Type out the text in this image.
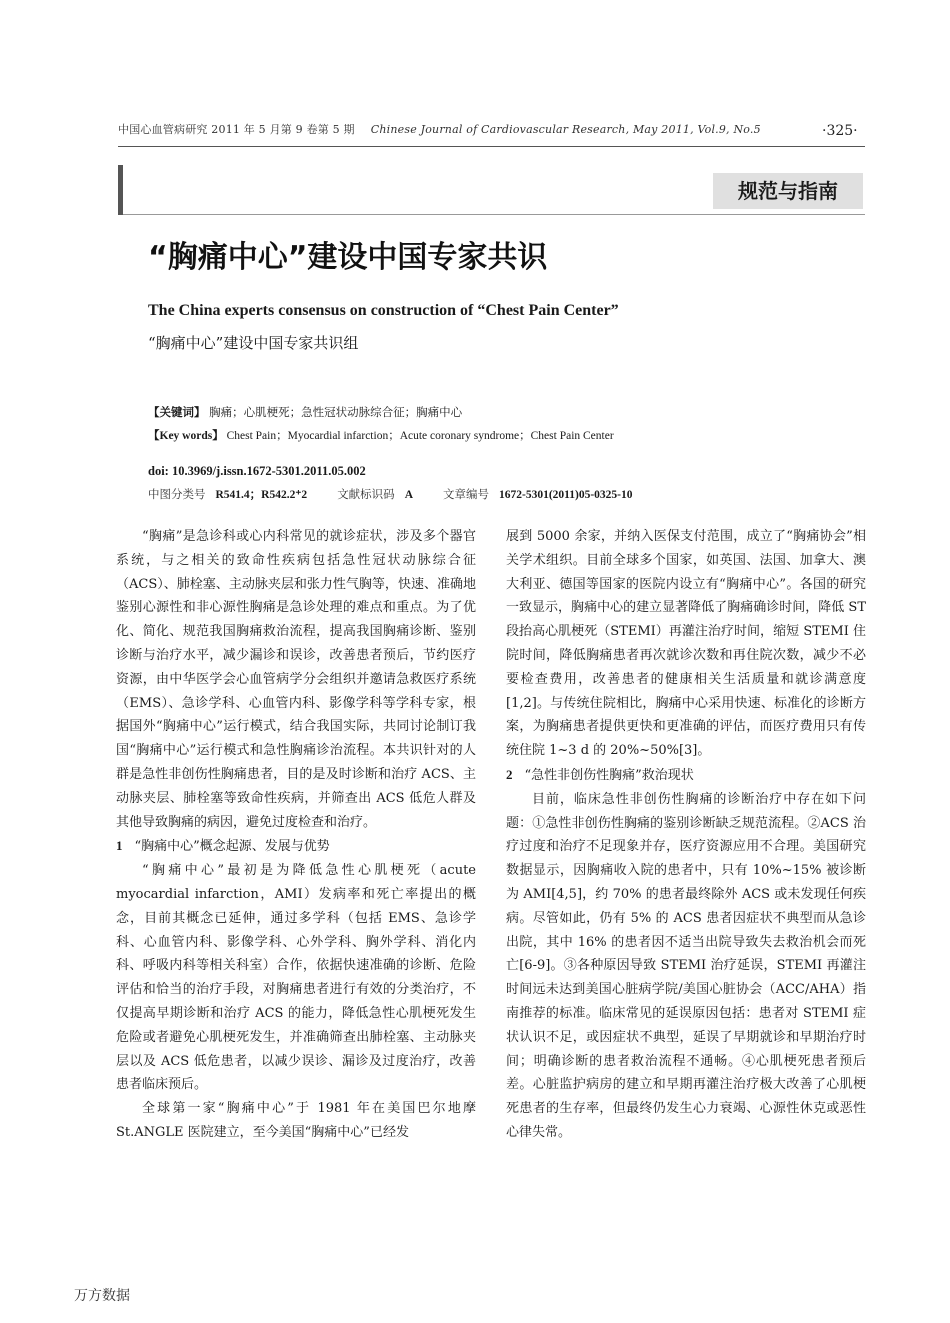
中国心血管病研究 2011 年 5 月第 9 卷第 5 期 Chinese Journal of Cardiovascular Research, May 2011, Vol.9, No.5	·325·
规范与指南
“胸痛中心”建设中国专家共识
The China experts consensus on construction of “Chest Pain Center”
“胸痛中心”建设中国专家共识组
【关键词】 胸痛；心肌梗死；急性冠状动脉综合征；胸痛中心
【Key words】 Chest Pain；Myocardial infarction；Acute coronary syndrome；Chest Pain Center
doi: 10.3969/j.issn.1672-5301.2011.05.002
中图分类号 R541.4；R542.2⁺2	文献标识码 A	文章编号 1672-5301(2011)05-0325-10

“胸痛”是急诊科或心内科常见的就诊症状，涉及多个器官系统，与之相关的致命性疾病包括急性冠状动脉综合征（ACS）、肺栓塞、主动脉夹层和张力性气胸等，快速、准确地鉴别心源性和非心源性胸痛是急诊处理的难点和重点。为了优化、简化、规范我国胸痛救治流程，提高我国胸痛诊断、鉴别诊断与治疗水平，减少漏诊和误诊，改善患者预后，节约医疗资源，由中华医学会心血管病学分会组织并邀请急救医疗系统（EMS）、急诊学科、心血管内科、影像学科等学科专家，根据国外“胸痛中心”运行模式，结合我国实际，共同讨论制订我国“胸痛中心”运行模式和急性胸痛诊治流程。本共识针对的人群是急性非创伤性胸痛患者，目的是及时诊断和治疗 ACS、主动脉夹层、肺栓塞等致命性疾病，并筛查出 ACS 低危人群及其他导致胸痛的病因，避免过度检查和治疗。

1 “胸痛中心”概念起源、发展与优势

“胸痛中心”最初是为降低急性心肌梗死（acute myocardial infarction，AMI）发病率和死亡率提出的概念，目前其概念已延伸，通过多学科（包括 EMS、急诊学科、心血管内科、影像学科、心外学科、胸外学科、消化内科、呼吸内科等相关科室）合作，依据快速准确的诊断、危险评估和恰当的治疗手段，对胸痛患者进行有效的分类治疗，不仅提高早期诊断和治疗 ACS 的能力，降低急性心肌梗死发生危险或者避免心肌梗死发生，并准确筛查出肺栓塞、主动脉夹层以及 ACS 低危患者，以减少误诊、漏诊及过度治疗，改善患者临床预后。

全球第一家“胸痛中心”于 1981 年在美国巴尔地摩 St.ANGLE 医院建立，至今美国“胸痛中心”已经发

展到 5000 余家，并纳入医保支付范围，成立了“胸痛协会”相关学术组织。目前全球多个国家，如英国、法国、加拿大、澳大利亚、德国等国家的医院内设立有“胸痛中心”。各国的研究一致显示，胸痛中心的建立显著降低了胸痛确诊时间，降低 ST 段抬高心肌梗死（STEMI）再灌注治疗时间，缩短 STEMI 住院时间，降低胸痛患者再次就诊次数和再住院次数，减少不必要检查费用，改善患者的健康相关生活质量和就诊满意度[1,2]。与传统住院相比，胸痛中心采用快速、标准化的诊断方案，为胸痛患者提供更快和更准确的评估，而医疗费用只有传统住院 1~3 d 的 20%~50%[3]。

2 “急性非创伤性胸痛”救治现状

目前，临床急性非创伤性胸痛的诊断治疗中存在如下问题：①急性非创伤性胸痛的鉴别诊断缺乏规范流程。②ACS 治疗过度和治疗不足现象并存，医疗资源应用不合理。美国研究数据显示，因胸痛收入院的患者中，只有 10%~15% 被诊断为 AMI[4,5]，约 70% 的患者最终除外 ACS 或未发现任何疾病。尽管如此，仍有 5% 的 ACS 患者因症状不典型而从急诊出院，其中 16% 的患者因不适当出院导致失去救治机会而死亡[6-9]。③各种原因导致 STEMI 治疗延误，STEMI 再灌注时间远未达到美国心脏病学院/美国心脏协会（ACC/AHA）指南推荐的标准。临床常见的延误原因包括：患者对 STEMI 症状认识不足，或因症状不典型，延误了早期就诊和早期治疗时间；明确诊断的患者救治流程不通畅。④心肌梗死患者预后差。心脏监护病房的建立和早期再灌注治疗极大改善了心肌梗死患者的生存率，但最终仍发生心力衰竭、心源性休克或恶性心律失常。

万方数据
